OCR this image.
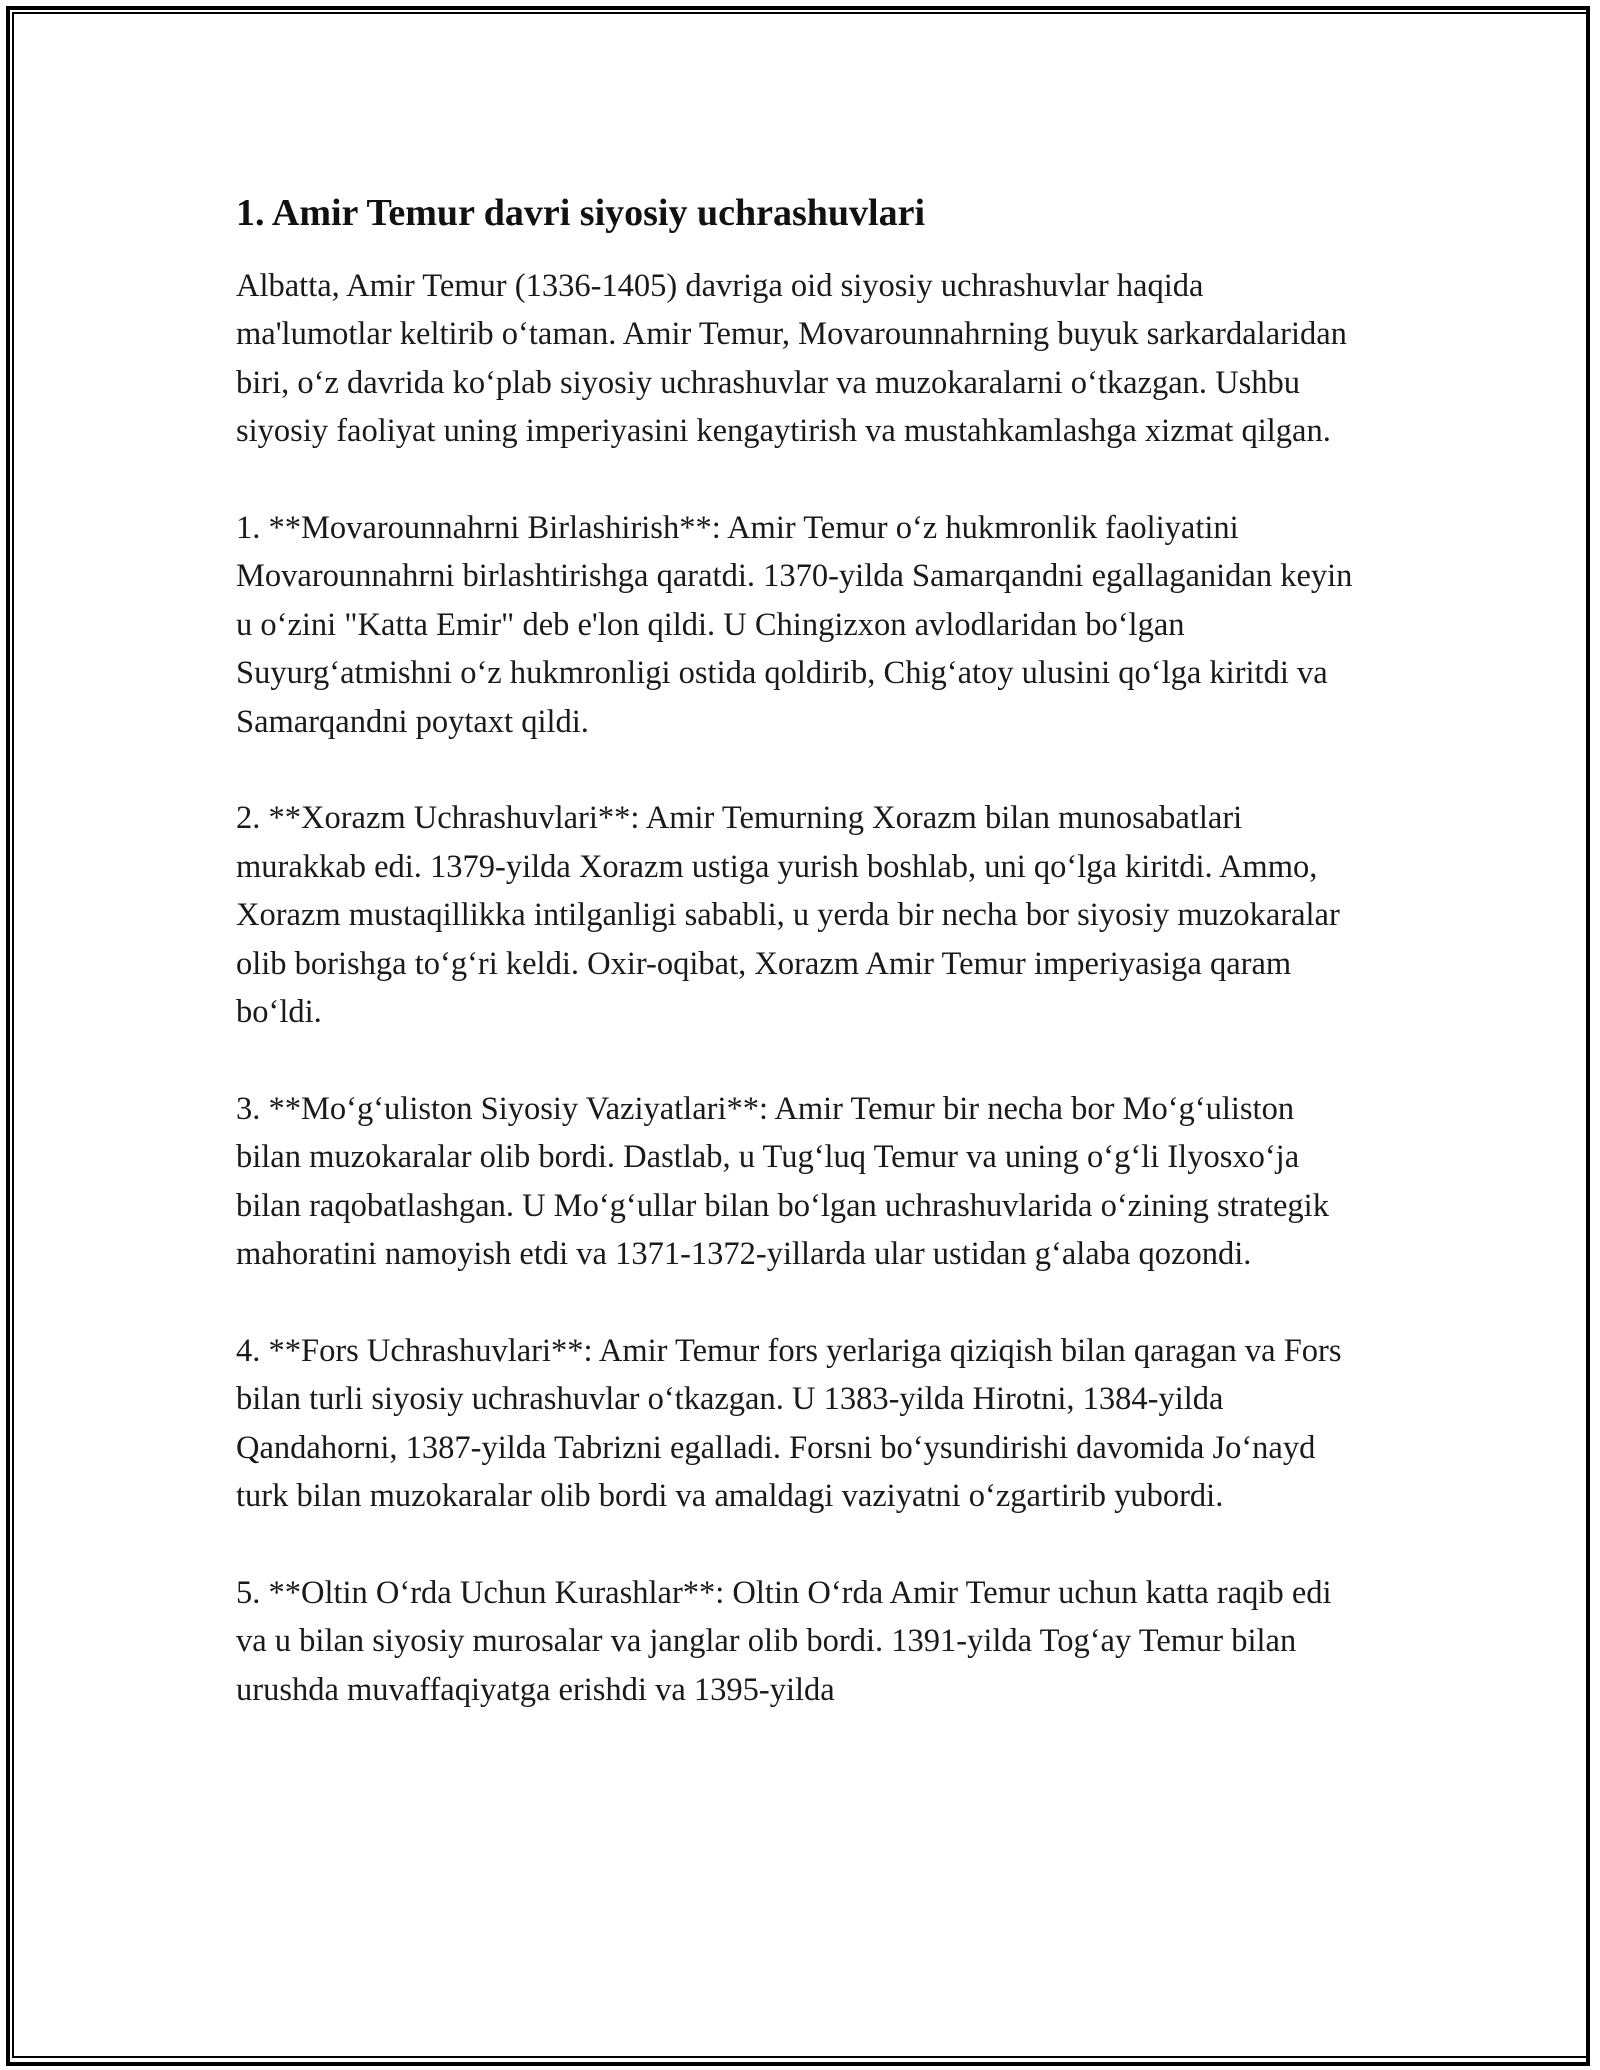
1. Amir Temur davri siyosiy uchrashuvlari

Albatta, Amir Temur (1336-1405) davriga oid siyosiy uchrashuvlar haqida ma'lumotlar keltirib o‘taman. Amir Temur, Movarounnahrning buyuk sarkardalaridan biri, o‘z davrida ko‘plab siyosiy uchrashuvlar va muzokaralarni o‘tkazgan. Ushbu siyosiy faoliyat uning imperiyasini kengaytirish va mustahkamlashga xizmat qilgan.

1. **Movarounnahrni Birlashirish**: Amir Temur o‘z hukmronlik faoliyatini Movarounnahrni birlashtirishga qaratdi. 1370-yilda Samarqandni egallaganidan keyin u o‘zini "Katta Emir" deb e'lon qildi. U Chingizxon avlodlaridan bo‘lgan Suyurg‘atmishni o‘z hukmronligi ostida qoldirib, Chig‘atoy ulusini qo‘lga kiritdi va Samarqandni poytaxt qildi.

2. **Xorazm Uchrashuvlari**: Amir Temurning Xorazm bilan munosabatlari murakkab edi. 1379-yilda Xorazm ustiga yurish boshlab, uni qo‘lga kiritdi. Ammo, Xorazm mustaqillikka intilganligi sababli, u yerda bir necha bor siyosiy muzokaralar olib borishga to‘g‘ri keldi. Oxir-oqibat, Xorazm Amir Temur imperiyasiga qaram bo‘ldi.

3. **Mo‘g‘uliston Siyosiy Vaziyatlari**: Amir Temur bir necha bor Mo‘g‘uliston bilan muzokaralar olib bordi. Dastlab, u Tug‘luq Temur va uning o‘g‘li Ilyosxo‘ja bilan raqobatlashgan. U Mo‘g‘ullar bilan bo‘lgan uchrashuvlarida o‘zining strategik mahoratini namoyish etdi va 1371-1372-yillarda ular ustidan g‘alaba qozondi.

4. **Fors Uchrashuvlari**: Amir Temur fors yerlariga qiziqish bilan qaragan va Fors bilan turli siyosiy uchrashuvlar o‘tkazgan. U 1383-yilda Hirotni, 1384-yilda Qandahorni, 1387-yilda Tabrizni egalladi. Forsni bo‘ysundirishi davomida Jo‘nayd turk bilan muzokaralar olib bordi va amaldagi vaziyatni o‘zgartirib yubordi.

5. **Oltin O‘rda Uchun Kurashlar**: Oltin O‘rda Amir Temur uchun katta raqib edi va u bilan siyosiy murosalar va janglar olib bordi. 1391-yilda Tog‘ay Temur bilan urushda muvaffaqiyatga erishdi va 1395-yilda
